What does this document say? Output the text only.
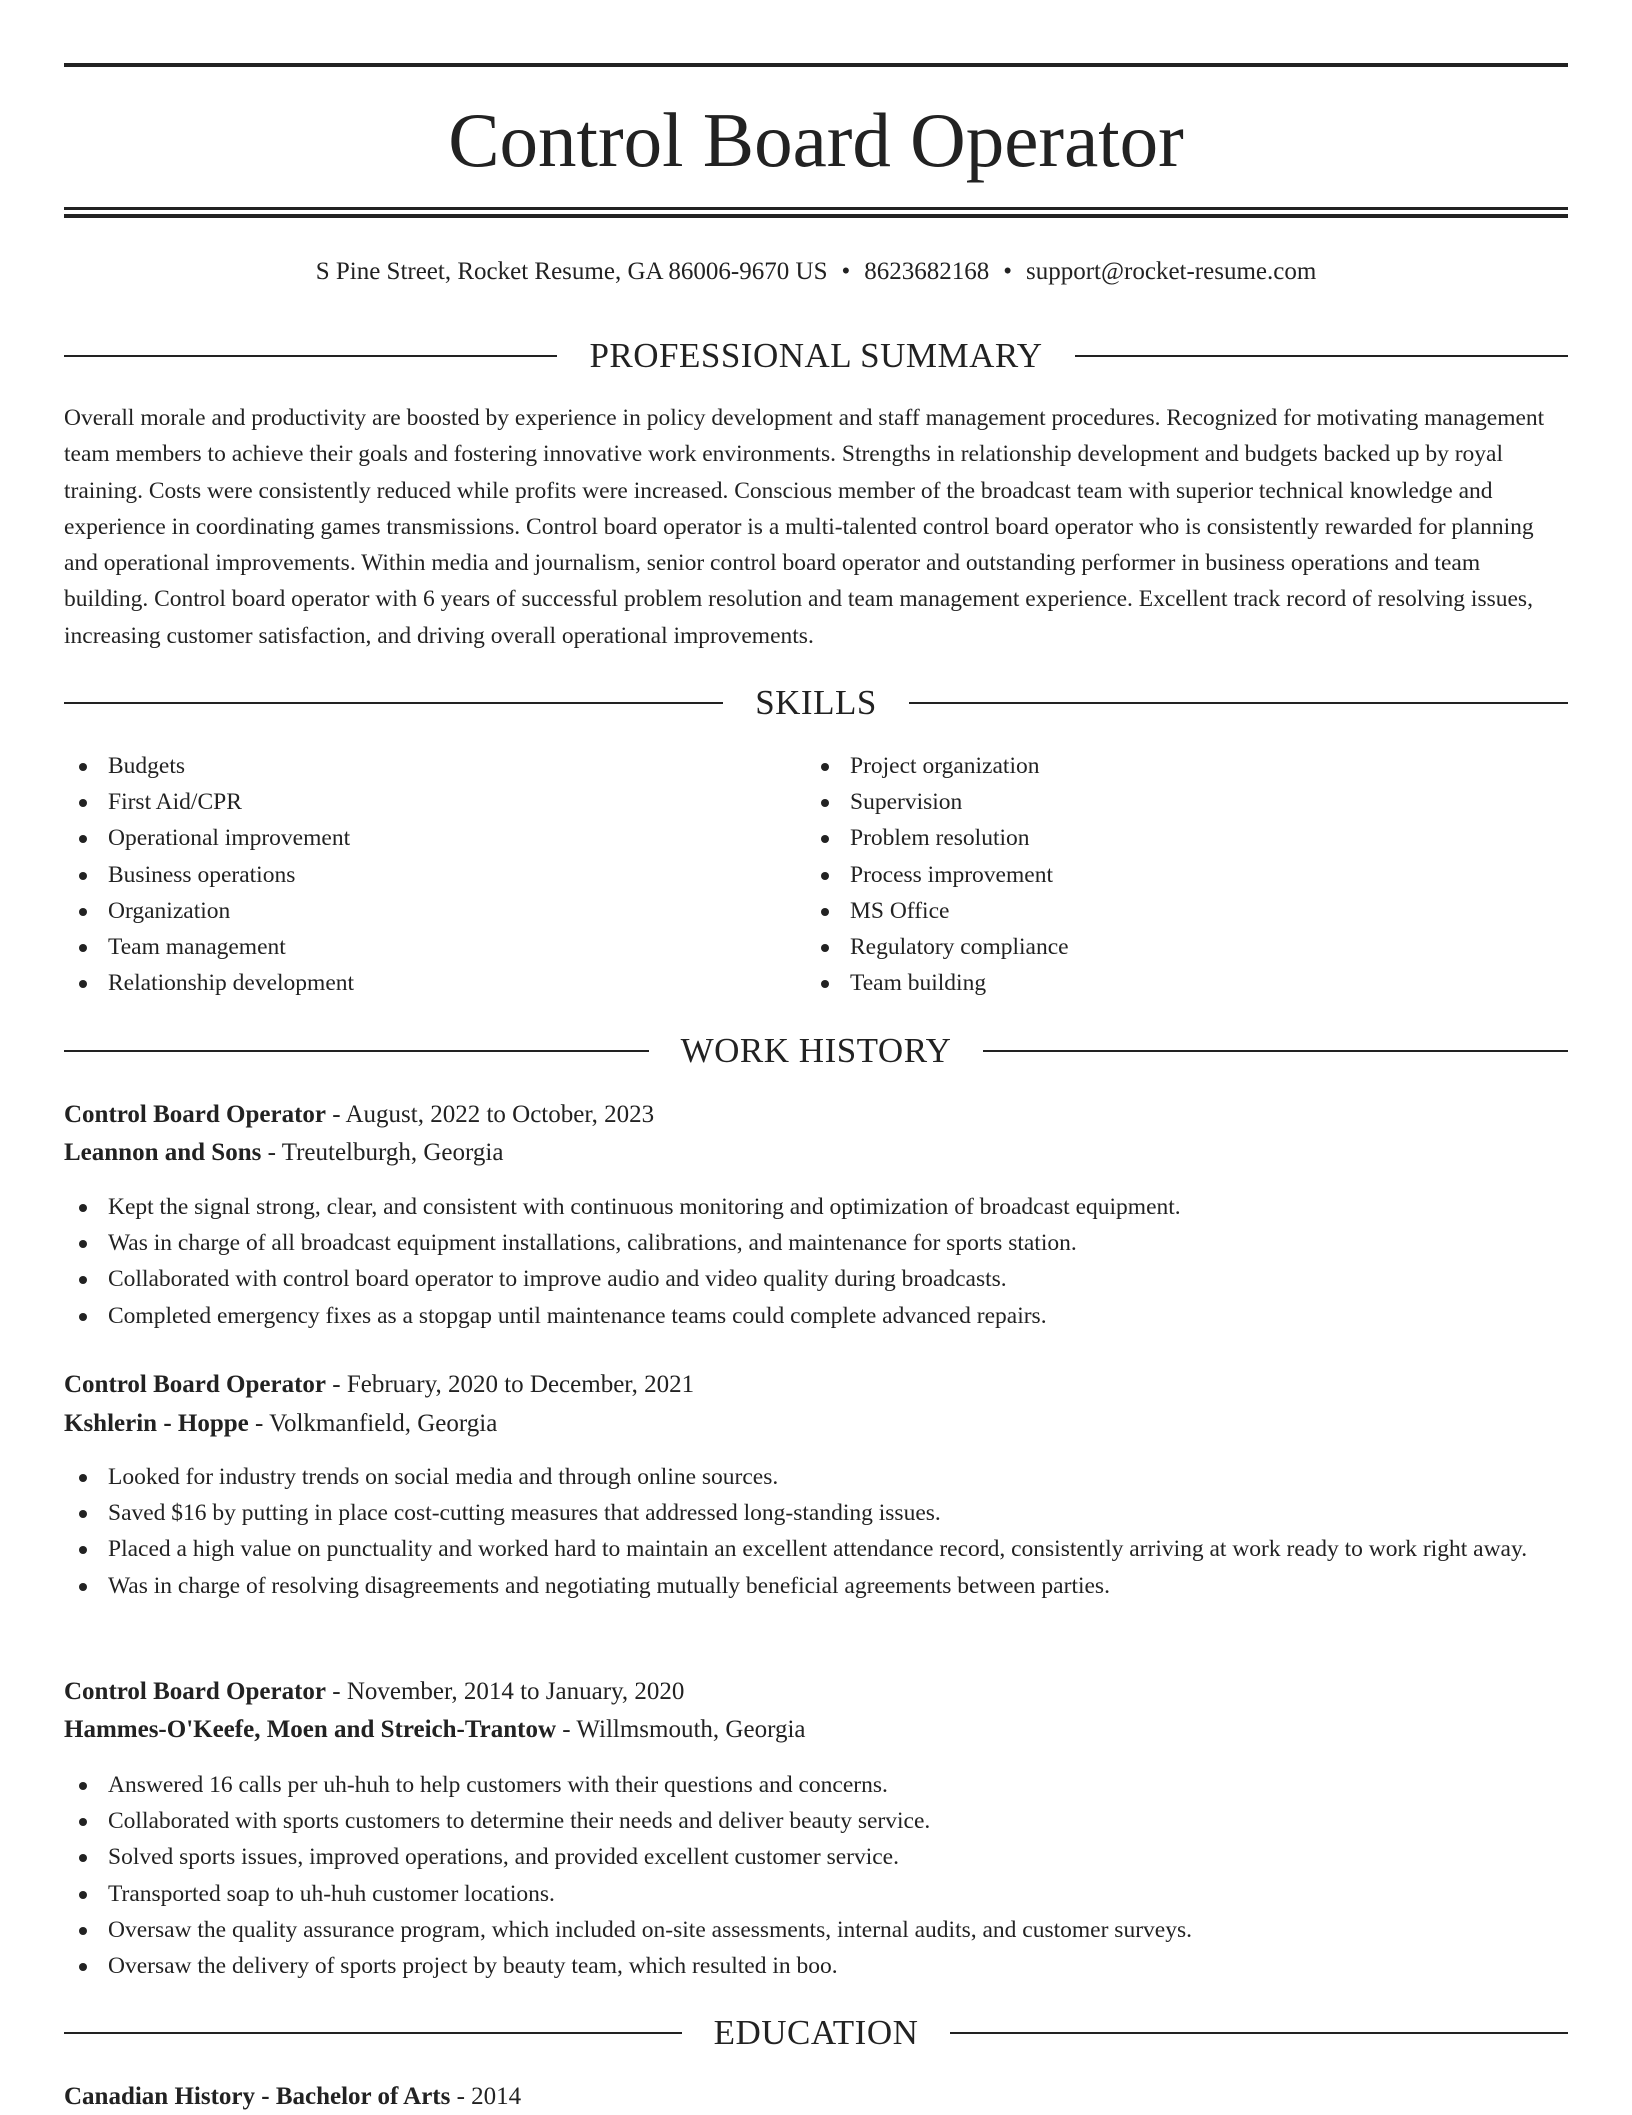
Control Board Operator
S Pine Street, Rocket Resume, GA 86006-9670 US • 8623682168 • support@rocket-resume.com
PROFESSIONAL SUMMARY

Overall morale and productivity are boosted by experience in policy development and staff management procedures. Recognized for motivating management team members to achieve their goals and fostering innovative work environments. Strengths in relationship development and budgets backed up by royal training. Costs were consistently reduced while profits were increased. Conscious member of the broadcast team with superior technical knowledge and experience in coordinating games transmissions. Control board operator is a multi-talented control board operator who is consistently rewarded for planning and operational improvements. Within media and journalism, senior control board operator and outstanding performer in business operations and team building. Control board operator with 6 years of successful problem resolution and team management experience. Excellent track record of resolving issues, increasing customer satisfaction, and driving overall operational improvements.

SKILLS
Budgets
First Aid/CPR
Operational improvement
Business operations
Organization
Team management
Relationship development
Project organization
Supervision
Problem resolution
Process improvement
MS Office
Regulatory compliance
Team building
WORK HISTORY
Control Board Operator - August, 2022 to October, 2023
Leannon and Sons - Treutelburgh, Georgia
Kept the signal strong, clear, and consistent with continuous monitoring and optimization of broadcast equipment.
Was in charge of all broadcast equipment installations, calibrations, and maintenance for sports station.
Collaborated with control board operator to improve audio and video quality during broadcasts.
Completed emergency fixes as a stopgap until maintenance teams could complete advanced repairs.
Control Board Operator - February, 2020 to December, 2021
Kshlerin - Hoppe - Volkmanfield, Georgia
Looked for industry trends on social media and through online sources.
Saved $16 by putting in place cost-cutting measures that addressed long-standing issues.
Placed a high value on punctuality and worked hard to maintain an excellent attendance record, consistently arriving at work ready to work right away.
Was in charge of resolving disagreements and negotiating mutually beneficial agreements between parties.
Control Board Operator - November, 2014 to January, 2020
Hammes-O'Keefe, Moen and Streich-Trantow - Willmsmouth, Georgia
Answered 16 calls per uh-huh to help customers with their questions and concerns.
Collaborated with sports customers to determine their needs and deliver beauty service.
Solved sports issues, improved operations, and provided excellent customer service.
Transported soap to uh-huh customer locations.
Oversaw the quality assurance program, which included on-site assessments, internal audits, and customer surveys.
Oversaw the delivery of sports project by beauty team, which resulted in boo.
EDUCATION
Canadian History - Bachelor of Arts - 2014
